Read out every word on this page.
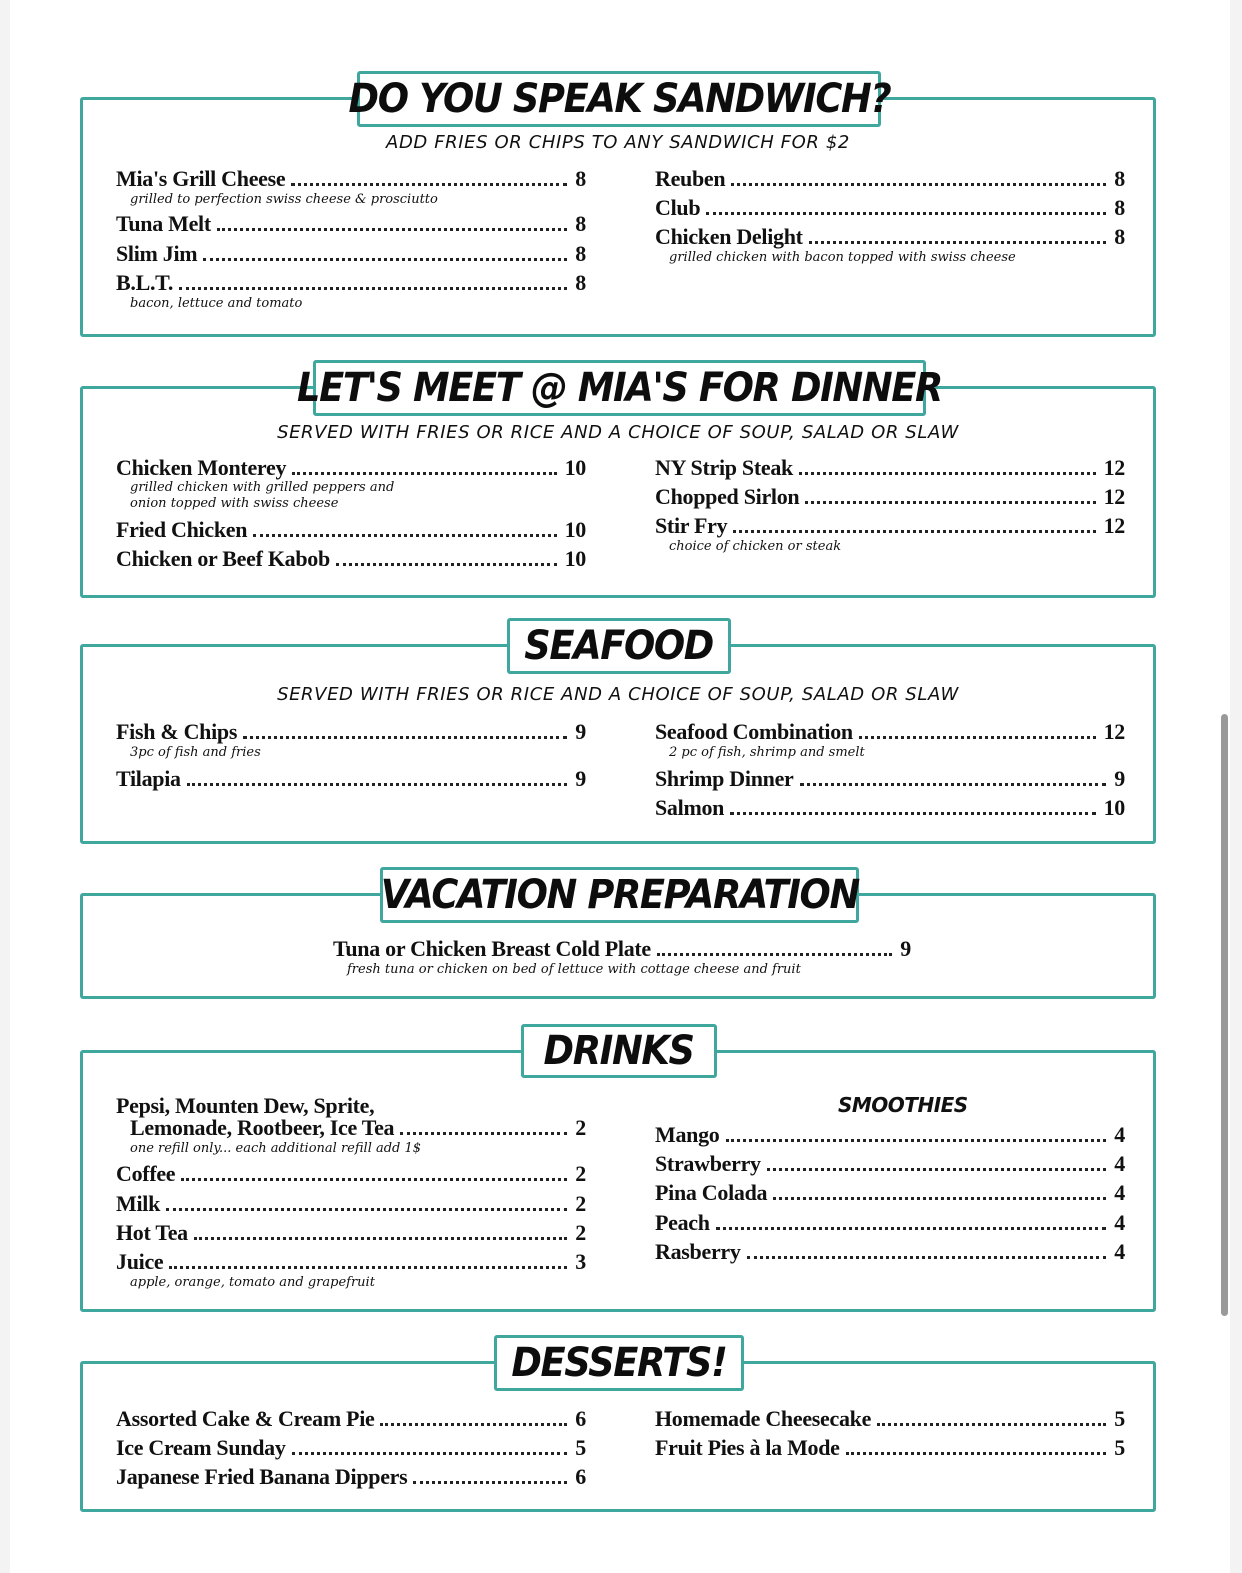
ADD FRIES OR CHIPS TO ANY SANDWICH FOR $2
Mia's Grill Cheese	8
grilled to perfection swiss cheese & prosciutto
Tuna Melt	8
Slim Jim	8
B.L.T.	8
bacon, lettuce and tomato
Reuben	8
Club	8
Chicken Delight	8
grilled chicken with bacon topped with swiss cheese
DO YOU SPEAK SANDWICH?
SERVED WITH FRIES OR RICE AND A CHOICE OF SOUP, SALAD OR SLAW
Chicken Monterey	10
grilled chicken with grilled peppers and
onion topped with swiss cheese
Fried Chicken	10
Chicken or Beef Kabob	10
NY Strip Steak	12
Chopped Sirlon	12
Stir Fry	12
choice of chicken or steak
LET'S MEET @ MIA'S FOR DINNER
SERVED WITH FRIES OR RICE AND A CHOICE OF SOUP, SALAD OR SLAW
Fish & Chips	9
3pc of fish and fries
Tilapia	9
Seafood Combination	12
2 pc of fish, shrimp and smelt
Shrimp Dinner	9
Salmon	10
SEAFOOD
Tuna or Chicken Breast Cold Plate	9
fresh tuna or chicken on bed of lettuce with cottage cheese and fruit
VACATION PREPARATION
Pepsi, Mounten Dew, Sprite,
Lemonade, Rootbeer, Ice Tea	2
one refill only... each additional refill add 1$
Coffee	2
Milk	2
Hot Tea	2
Juice	3
apple, orange, tomato and grapefruit
SMOOTHIES
Mango	4
Strawberry	4
Pina Colada	4
Peach	4
Rasberry	4
DRINKS
Assorted Cake & Cream Pie	6
Ice Cream Sunday	5
Japanese Fried Banana Dippers	6
Homemade Cheesecake	5
Fruit Pies à la Mode	5
DESSERTS!
